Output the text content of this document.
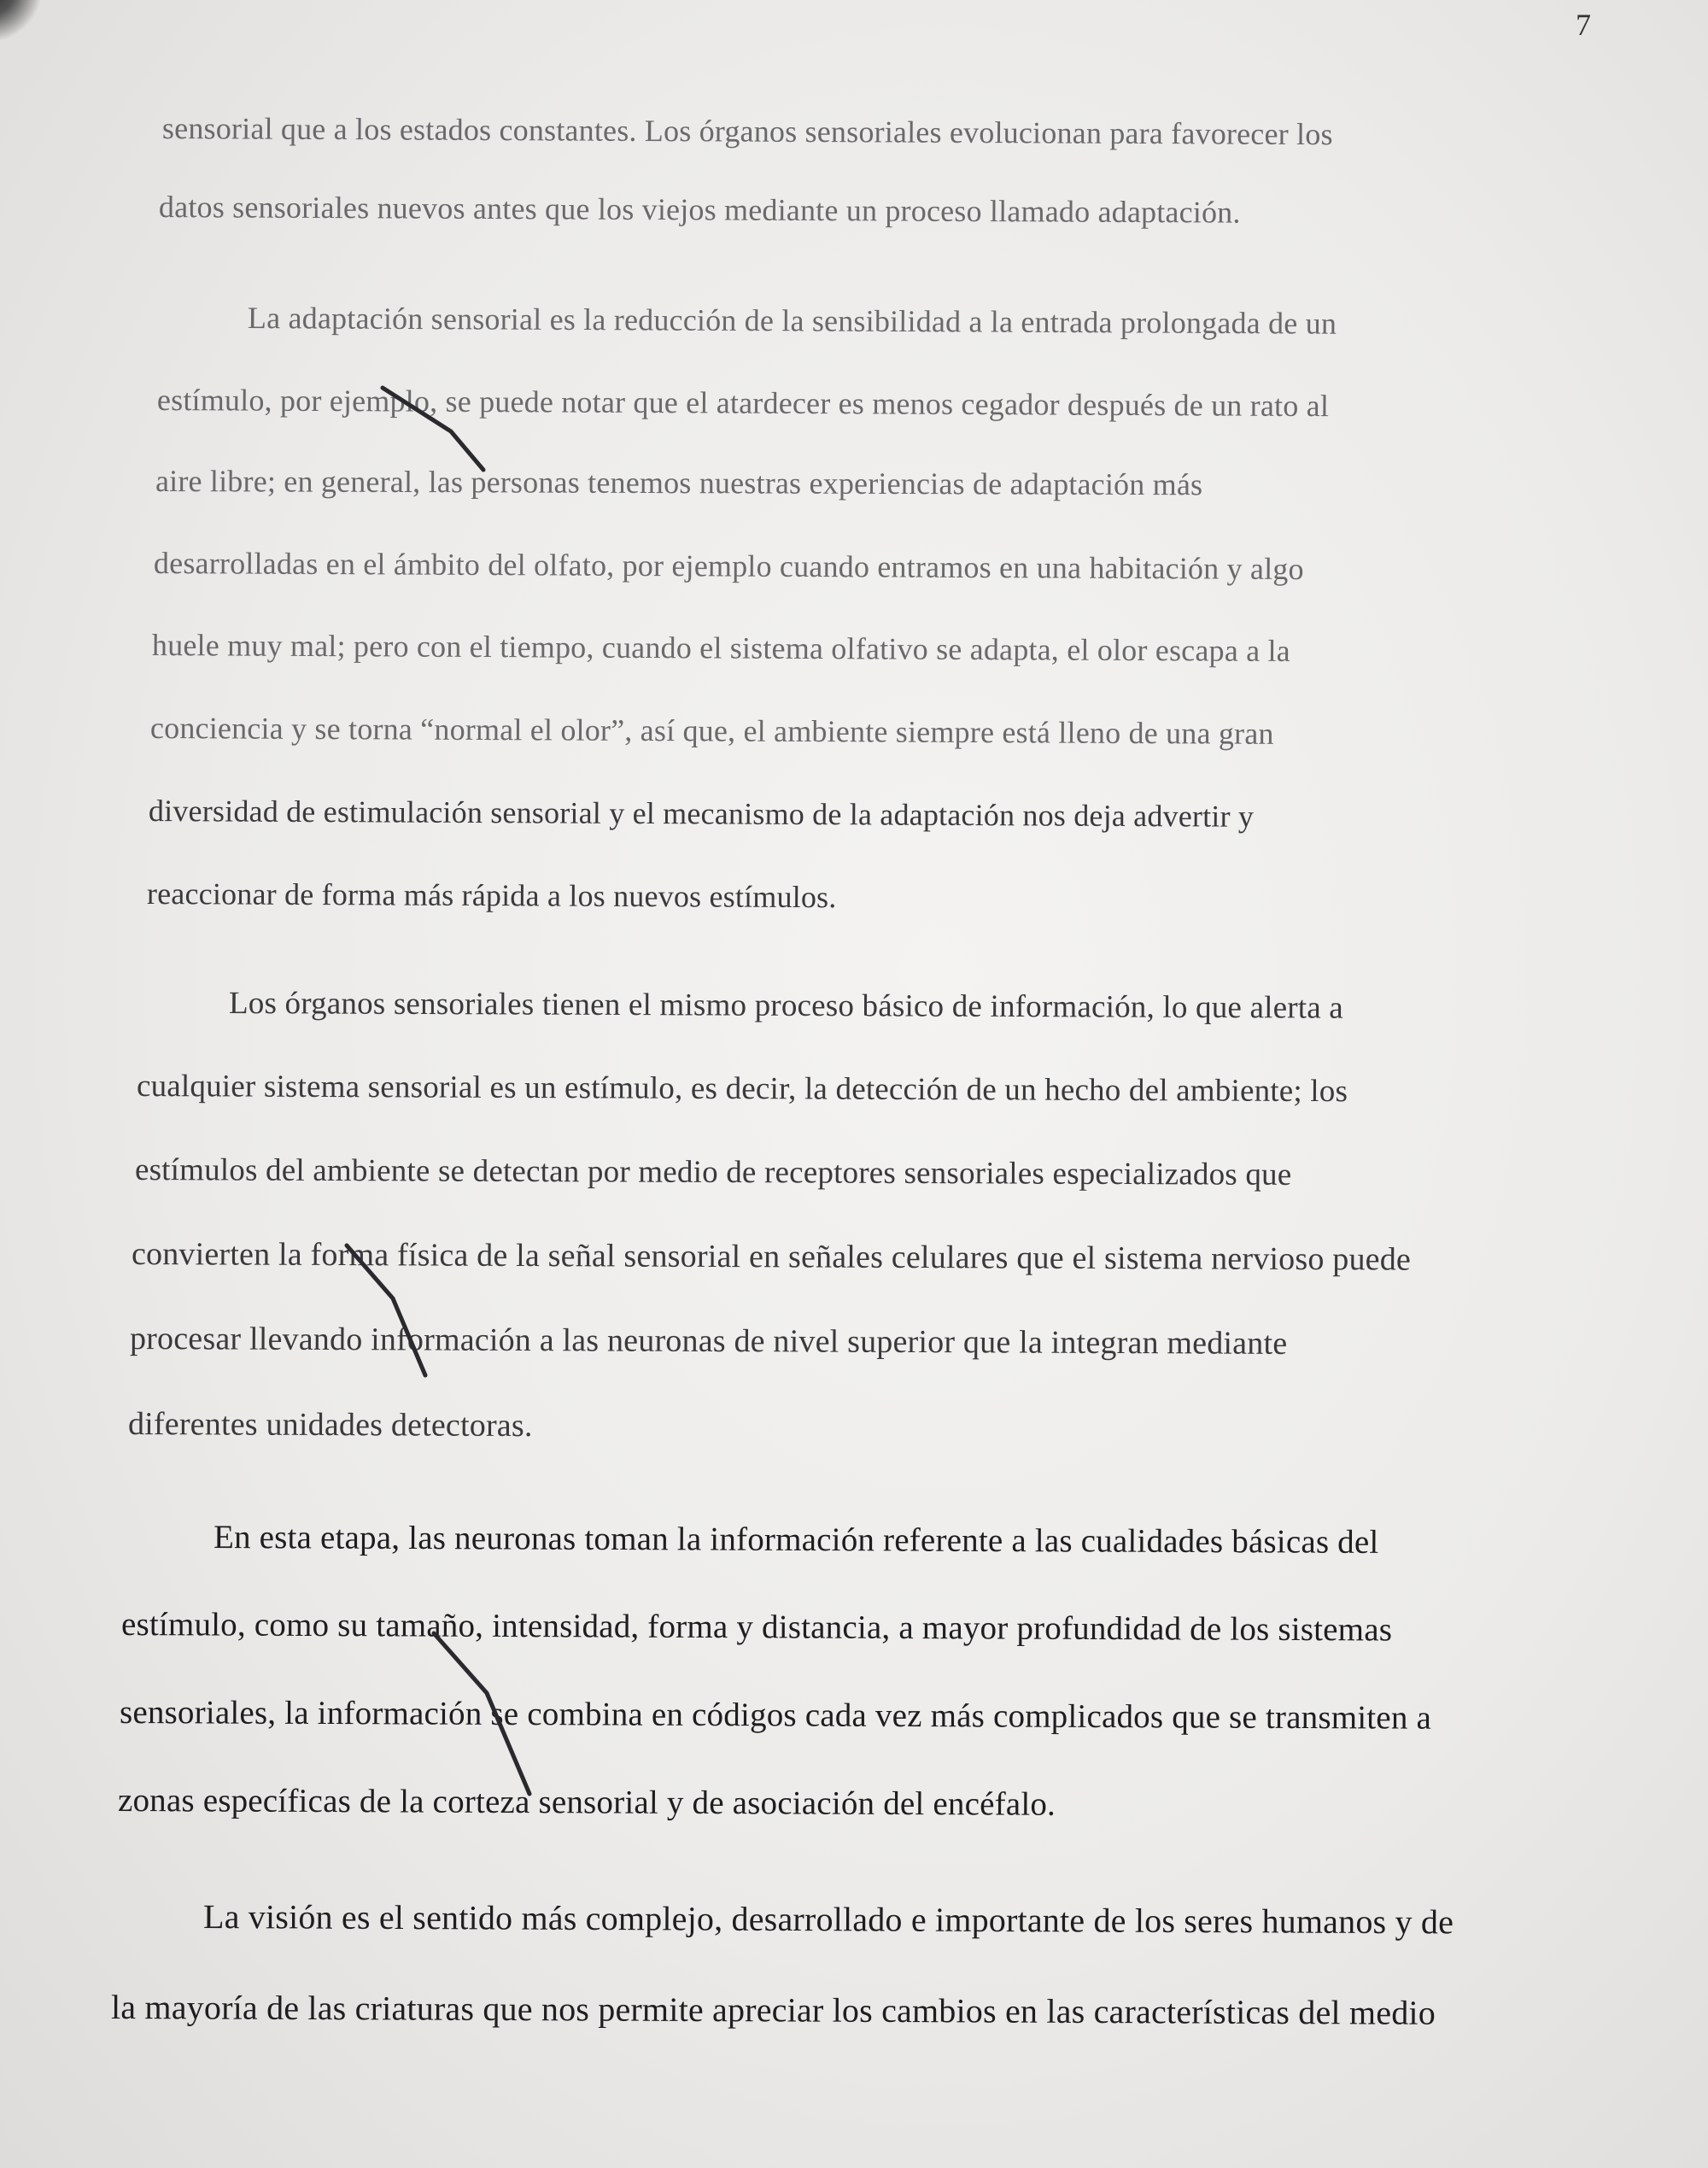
7

sensorial que a los estados constantes. Los órganos sensoriales evolucionan para favorecer los

datos sensoriales nuevos antes que los viejos mediante un proceso llamado adaptación.

La adaptación sensorial es la reducción de la sensibilidad a la entrada prolongada de un

estímulo, por ejemplo, se puede notar que el atardecer es menos cegador después de un rato al

aire libre; en general, las personas tenemos nuestras experiencias de adaptación más

desarrolladas en el ámbito del olfato, por ejemplo cuando entramos en una habitación y algo

huele muy mal; pero con el tiempo, cuando el sistema olfativo se adapta, el olor escapa a la

conciencia y se torna “normal el olor”, así que, el ambiente siempre está lleno de una gran

diversidad de estimulación sensorial y el mecanismo de la adaptación nos deja advertir y

reaccionar de forma más rápida a los nuevos estímulos.

Los órganos sensoriales tienen el mismo proceso básico de información, lo que alerta a

cualquier sistema sensorial es un estímulo, es decir, la detección de un hecho del ambiente; los

estímulos del ambiente se detectan por medio de receptores sensoriales especializados que

convierten la forma física de la señal sensorial en señales celulares que el sistema nervioso puede

procesar llevando información a las neuronas de nivel superior que la integran mediante

diferentes unidades detectoras.

En esta etapa, las neuronas toman la información referente a las cualidades básicas del

estímulo, como su tamaño, intensidad, forma y distancia, a mayor profundidad de los sistemas

sensoriales, la información se combina en códigos cada vez más complicados que se transmiten a

zonas específicas de la corteza sensorial y de asociación del encéfalo.

La visión es el sentido más complejo, desarrollado e importante de los seres humanos y de

la mayoría de las criaturas que nos permite apreciar los cambios en las características del medio
